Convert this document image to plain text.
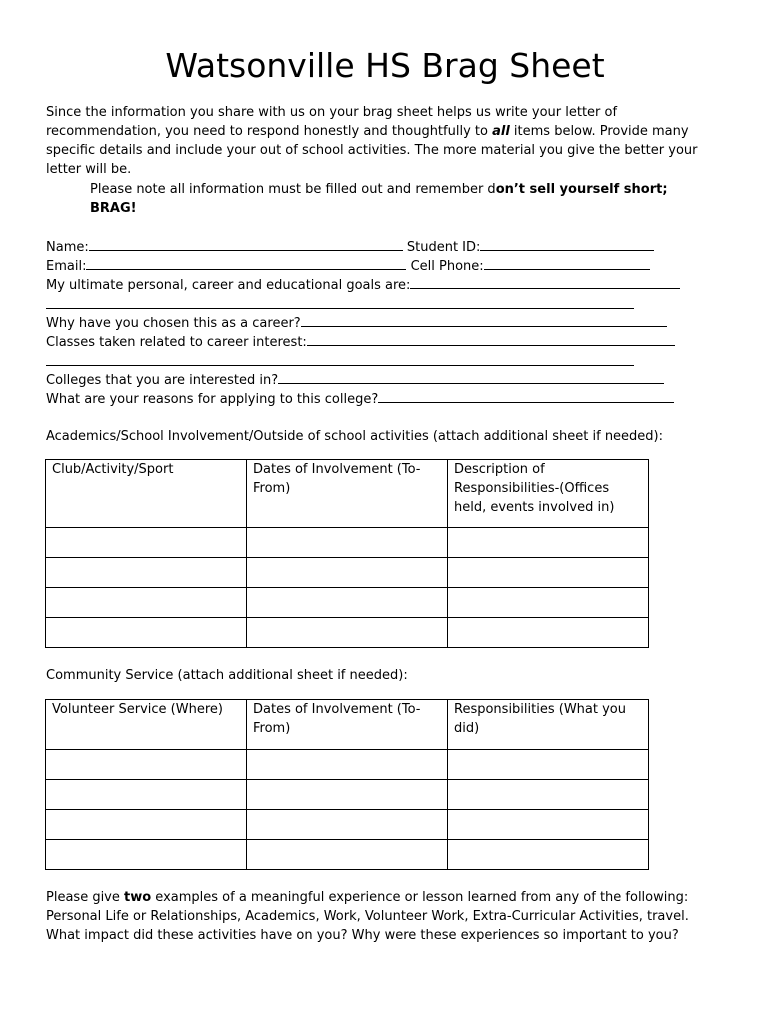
Watsonville HS Brag Sheet

Since the information you share with us on your brag sheet helps us write your letter of recommendation, you need to respond honestly and thoughtfully to all items below. Provide many specific details and include your out of school activities. The more material you give the better your letter will be.

Please note all information must be filled out and remember don’t sell yourself short; BRAG!

Name:	Student ID:
Email:	Cell Phone:
My ultimate personal, career and educational goals are:
Why have you chosen this as a career?
Classes taken related to career interest:
Colleges that you are interested in?
What are your reasons for applying to this college?
Academics/School Involvement/Outside of school activities (attach additional sheet if needed):
Club/Activity/Sport	Dates of Involvement (To-From)	Description of Responsibilities-(Offices held, events involved in)

Community Service (attach additional sheet if needed):
Volunteer Service (Where)	Dates of Involvement (To-From)	Responsibilities (What you did)

Please give two examples of a meaningful experience or lesson learned from any of the following: Personal Life or Relationships, Academics, Work, Volunteer Work, Extra-Curricular Activities, travel. What impact did these activities have on you? Why were these experiences so important to you?
